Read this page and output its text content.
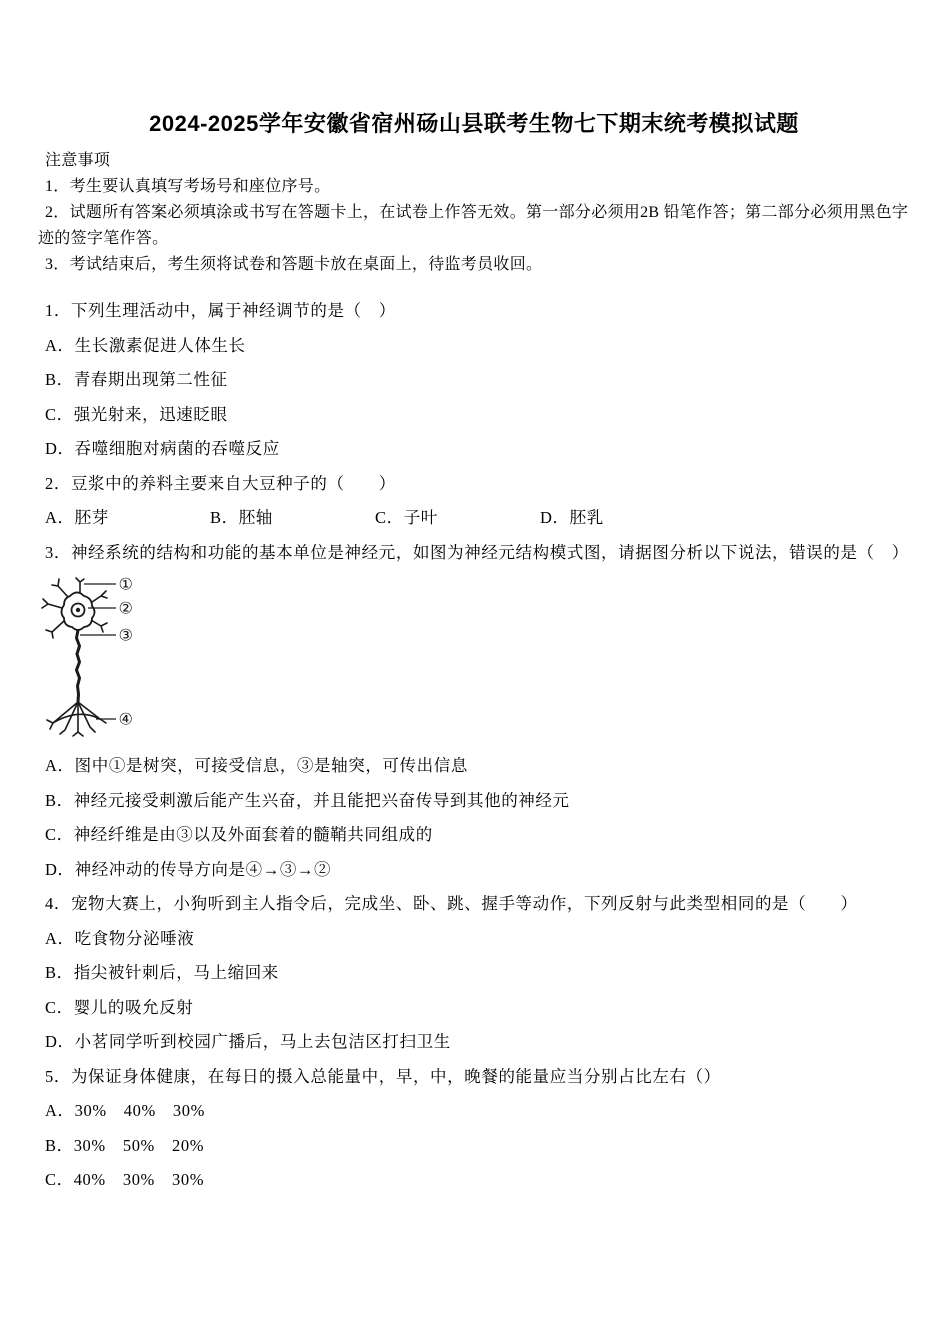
2024-2025学年安徽省宿州砀山县联考生物七下期末统考模拟试题

注意事项

1．考生要认真填写考场号和座位序号。

2．试题所有答案必须填涂或书写在答题卡上，在试卷上作答无效。第一部分必须用2B 铅笔作答；第二部分必须用黑色字迹的签字笔作答。

3．考试结束后，考生须将试卷和答题卡放在桌面上，待监考员收回。

1．下列生理活动中，属于神经调节的是（　）

A．生长激素促进人体生长

B．青春期出现第二性征

C．强光射来，迅速眨眼

D．吞噬细胞对病菌的吞噬反应

2．豆浆中的养料主要来自大豆种子的（　　）

A．胚芽	B．胚轴	C．子叶	D．胚乳

3．神经系统的结构和功能的基本单位是神经元，如图为神经元结构模式图，请据图分析以下说法，错误的是（　）

①
②
③
④

A．图中①是树突，可接受信息，③是轴突，可传出信息

B．神经元接受刺激后能产生兴奋，并且能把兴奋传导到其他的神经元

C．神经纤维是由③以及外面套着的髓鞘共同组成的

D．神经冲动的传导方向是④→③→②

4．宠物大赛上，小狗听到主人指令后，完成坐、卧、跳、握手等动作，下列反射与此类型相同的是（　　）

A．吃食物分泌唾液

B．指尖被针刺后，马上缩回来

C．婴儿的吸允反射

D．小茗同学听到校园广播后，马上去包洁区打扫卫生

5．为保证身体健康，在每日的摄入总能量中，早，中，晚餐的能量应当分别占比左右（）

A．30%　40%　30%

B．30%　50%　20%

C．40%　30%　30%
